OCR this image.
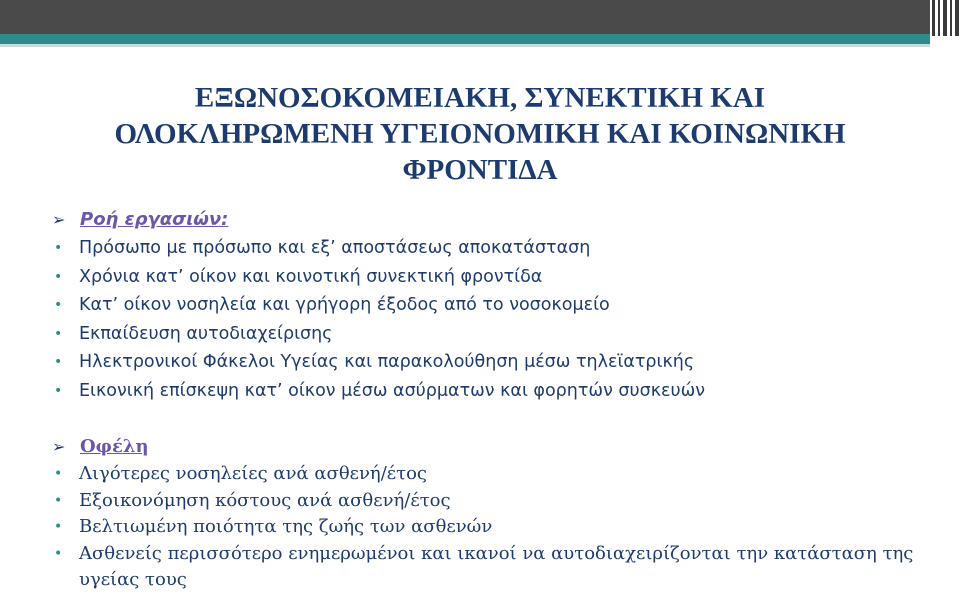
ΕΞΩΝΟΣΟΚΟΜΕΙΑΚΗ, ΣΥΝΕΚΤΙΚΗ ΚΑΙ
ΟΛΟΚΛΗΡΩΜΕΝΗ ΥΓΕΙΟΝΟΜΙΚΗ ΚΑΙ ΚΟΙΝΩΝΙΚΗ
ΦΡΟΝΤΙΔΑ
➢ Ροή εργασιών:
• Πρόσωπο με πρόσωπο και εξ’ αποστάσεως αποκατάσταση
• Χρόνια κατ’ οίκον και κοινοτική συνεκτική φροντίδα
• Κατ’ οίκον νοσηλεία και γρήγορη έξοδος από το νοσοκομείο
• Εκπαίδευση αυτοδιαχείρισης
• Ηλεκτρονικοί Φάκελοι Υγείας και παρακολούθηση μέσω τηλεϊατρικής
• Εικονική επίσκεψη κατ’ οίκον μέσω ασύρματων και φορητών συσκευών
➢ Οφέλη
• Λιγότερες νοσηλείες ανά ασθενή/έτος
• Εξοικονόμηση κόστους ανά ασθενή/έτος
• Βελτιωμένη ποιότητα της ζωής των ασθενών
• Ασθενείς περισσότερο ενημερωμένοι και ικανοί να αυτοδιαχειρίζονται την κατάσταση της υγείας τους
